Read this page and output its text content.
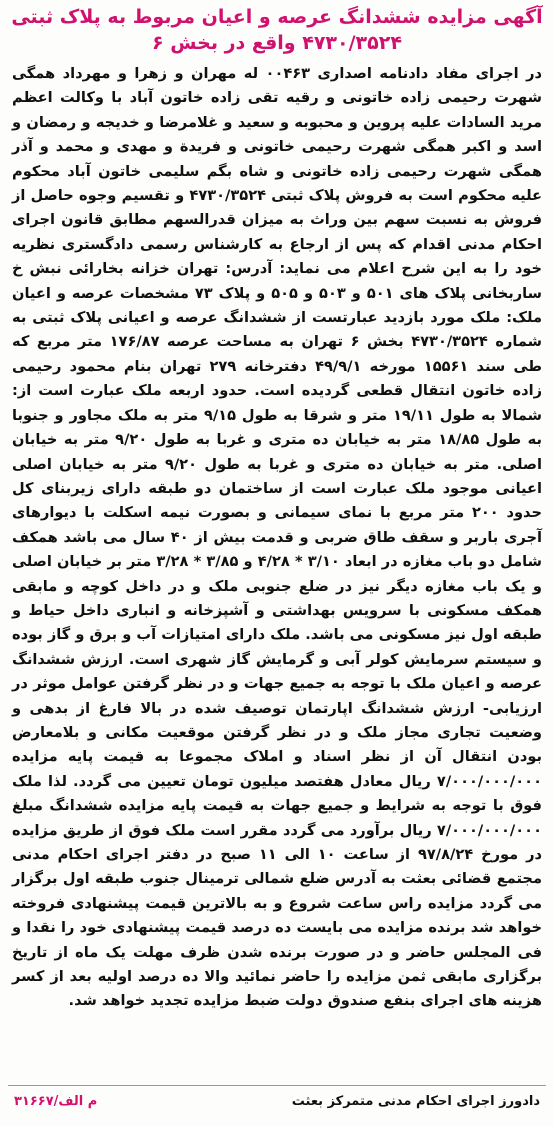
آگهی مزایده ششدانگ عرصه و اعیان مربوط به پلاک ثبتی
۴۷۳۰/۳۵۲۴ واقع در بخش ۶

در اجرای مفاد دادنامه اصداری ۰۰۴۶۳ له مهران و زهرا و مهرداد همگی شهرت رحیمی زاده خاتونی و رقیه تقی زاده خاتون آباد با وکالت اعظم مرید السادات علیه پروین و محبوبه و سعید و غلامرضا و خدیجه و رمضان و اسد و اکبر همگی شهرت رحیمی خاتونی و فریدة و مهدی و محمد و آذر همگی شهرت رحیمی زاده خاتونی و شاه بگم سلیمی خاتون آباد محکوم علیه محکوم است به فروش پلاک ثبتی ۴۷۳۰/۳۵۲۴ و تقسیم وجوه حاصل از فروش به نسبت سهم بین وراث به میزان قدرالسهم مطابق قانون اجرای احکام مدنی اقدام که پس از ارجاع به کارشناس رسمی دادگستری نظریه خود را به این شرح اعلام می نماید: آدرس: تهران خزانه بخارائی نبش خ ساربخانی پلاک های ۵۰۱ و ۵۰۳ و ۵۰۵ و پلاک ۷۳ مشخصات عرصه و اعیان ملک: ملک مورد بازدید عبارتست از ششدانگ عرصه و اعیانی پلاک ثبتی به شماره ۴۷۳۰/۳۵۲۴ بخش ۶ تهران به مساحت عرصه ۱۷۶/۸۷ متر مربع که طی سند ۱۵۵۶۱ مورخه ۴۹/۹/۱ دفترخانه ۲۷۹ تهران بنام محمود رحیمی زاده خاتون انتقال قطعی گردیده است. حدود اربعه ملک عبارت است از: شمالا به طول ۱۹/۱۱ متر و شرقا به طول ۹/۱۵ متر به ملک مجاور و جنوبا به طول ۱۸/۸۵ متر به خیابان ده متری و غربا به طول ۹/۲۰ متر به خیابان اصلی. متر به خیابان ده متری و غربا به طول ۹/۲۰ متر به خیابان اصلی اعیانی موجود ملک عبارت است از ساختمان دو طبقه دارای زیربنای کل حدود ۲۰۰ متر مربع با نمای سیمانی و بصورت نیمه اسکلت با دیوارهای آجری باربر و سقف طاق ضربی و قدمت بیش از ۴۰ سال می باشد همکف شامل دو باب مغازه در ابعاد ۳/۱۰ * ۴/۲۸ و ۳/۸۵ * ۳/۲۸ متر بر خیابان اصلی و یک باب مغازه دیگر نیز در ضلع جنوبی ملک و در داخل کوچه و مابقی همکف مسکونی با سرویس بهداشتی و آشپزخانه و انباری داخل حیاط و طبقه اول نیز مسکونی می باشد. ملک دارای امتیازات آب و برق و گاز بوده و سیستم سرمایش کولر آبی و گرمایش گاز شهری است. ارزش ششدانگ عرصه و اعیان ملک با توجه به جمیع جهات و در نظر گرفتن عوامل موثر در ارزیابی- ارزش ششدانگ اپارتمان توصیف شده در بالا فارغ از بدهی و وضعیت تجاری مجاز ملک و در نظر گرفتن موقعیت مکانی و بلامعارض بودن انتقال آن از نظر اسناد و املاک مجموعا به قیمت پایه مزایده ۷/۰۰۰/۰۰۰/۰۰۰ ریال معادل هفتصد میلیون تومان تعیین می گردد. لذا ملک فوق با توجه به شرایط و جمیع جهات به قیمت پایه مزایده ششدانگ مبلغ ۷/۰۰۰/۰۰۰/۰۰۰ ریال برآورد می گردد مقرر است ملک فوق از طریق مزایده در مورخ ۹۷/۸/۲۴ از ساعت ۱۰ الی ۱۱ صبح در دفتر اجرای احکام مدنی مجتمع قضائی بعثت به آدرس ضلع شمالی ترمینال جنوب طبقه اول برگزار می گردد مزایده راس ساعت شروع و به بالاترین قیمت پیشنهادی فروخته خواهد شد برنده مزایده می بایست ده درصد قیمت پیشنهادی خود را نقدا و فی المجلس حاضر و در صورت برنده شدن ظرف مهلت یک ماه از تاریخ برگزاری مابقی ثمن مزایده را حاضر نمائید والا ده درصد اولیه بعد از کسر هزینه های اجرای بنفع صندوق دولت ضبط مزایده تجدید خواهد شد.

دادورز اجرای احکام مدنی متمرکز بعثت
۳۱۶۶۷/م الف
